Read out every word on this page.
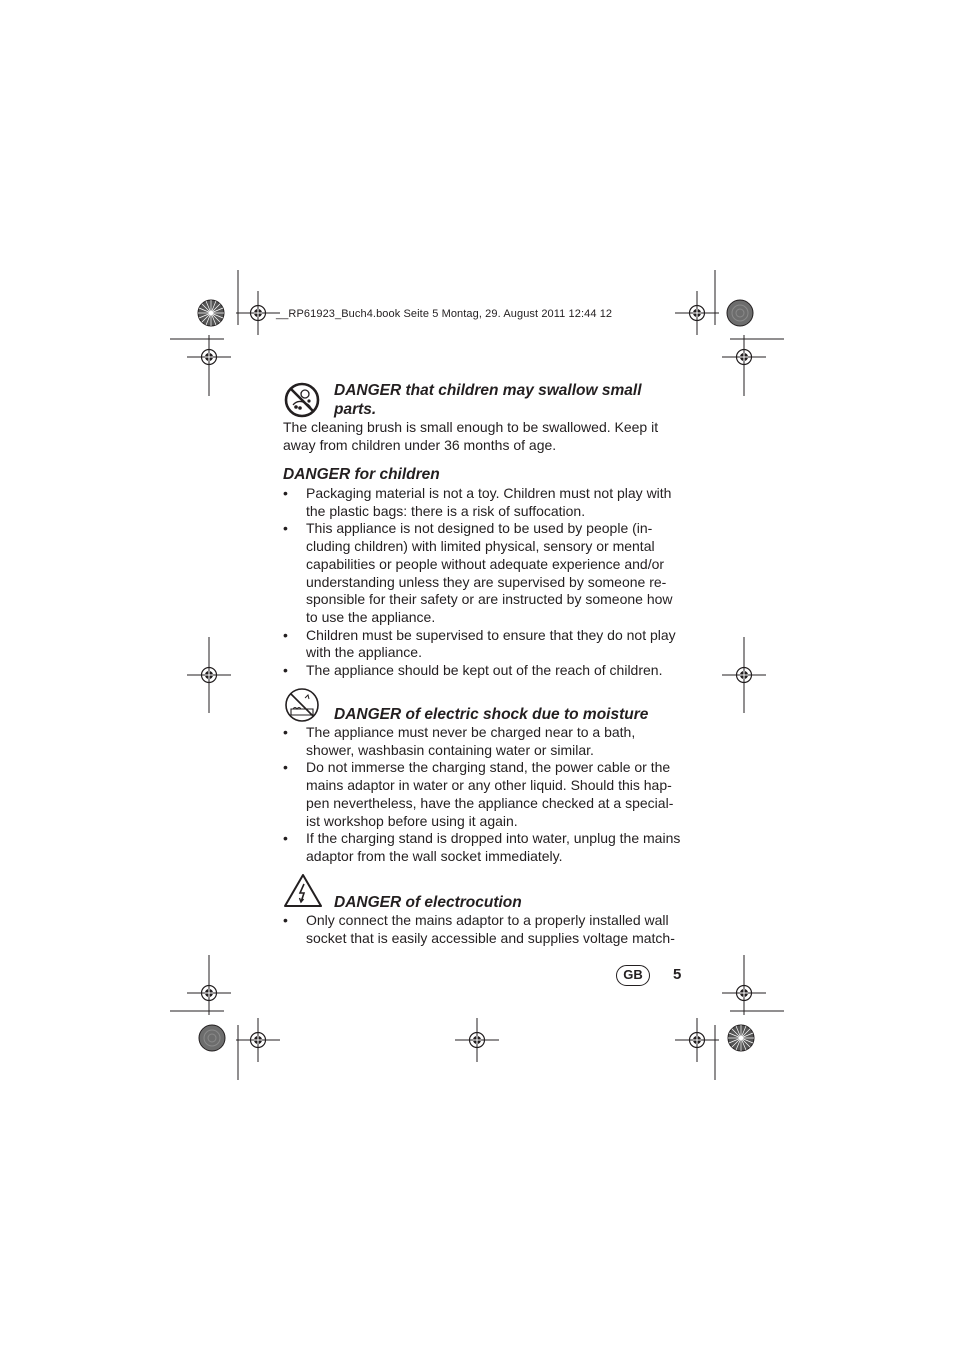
__RP61923_Buch4.book Seite 5 Montag, 29. August 2011 12:44 12
DANGER that children may swallow small
parts.
The cleaning brush is small enough to be swallowed. Keep it away from children under 36 months of age.
DANGER for children
• Packaging material is not a toy. Children must not play with the plastic bags: there is a risk of suffocation.
• This appliance is not designed to be used by people (in-cluding children) with limited physical, sensory or mental capabilities or people without adequate experience and/or understanding unless they are supervised by someone re-sponsible for their safety or are instructed by someone how to use the appliance.
• Children must be supervised to ensure that they do not play with the appliance.
• The appliance should be kept out of the reach of children.
DANGER of electric shock due to moisture
• The appliance must never be charged near to a bath, shower, washbasin containing water or similar.
• Do not immerse the charging stand, the power cable or the mains adaptor in water or any other liquid. Should this hap-pen nevertheless, have the appliance checked at a special-ist workshop before using it again.
• If the charging stand is dropped into water, unplug the mains adaptor from the wall socket immediately.
DANGER of electrocution
• Only connect the mains adaptor to a properly installed wall socket that is easily accessible and supplies voltage match-
GB	5
